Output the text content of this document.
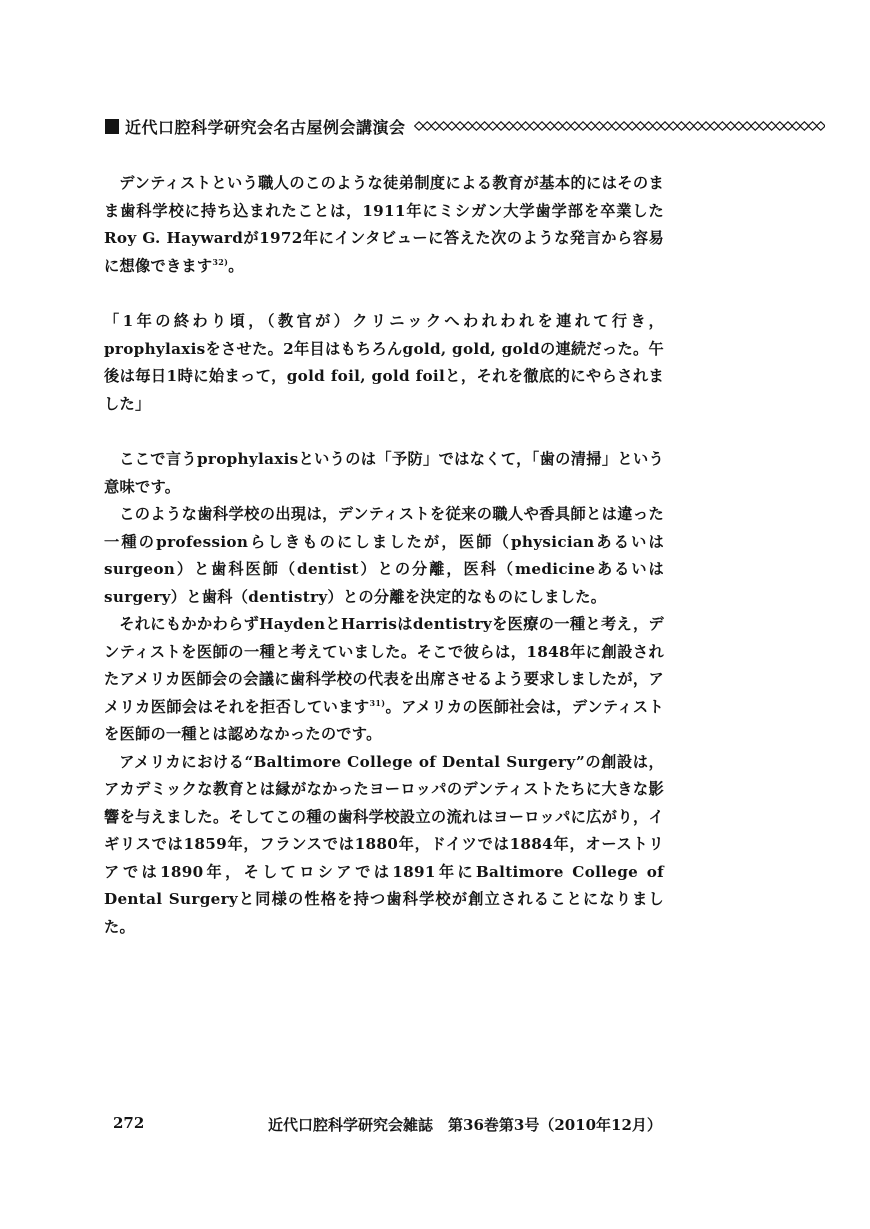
近代口腔科学研究会名古屋例会講演会

デンティストという職人のこのような徒弟制度による教育が基本的にはそのまま歯科学校に持ち込まれたことは，1911年にミシガン大学歯学部を卒業したRoy G. Haywardが1972年にインタビューに答えた次のような発言から容易に想像できます$^{32)}$。

「1年の終わり頃，（教官が）クリニックへわれわれを連れて行き，prophylaxisをさせた。2年目はもちろんgold, gold, goldの連続だった。午後は毎日1時に始まって，gold foil, gold foilと，それを徹底的にやらされました」

ここで言うprophylaxisというのは「予防」ではなくて，「歯の清掃」という意味です。

このような歯科学校の出現は，デンティストを従来の職人や香具師とは違った一種のprofessionらしきものにしましたが，医師（physicianあるいはsurgeon）と歯科医師（dentist）との分離，医科（medicineあるいはsurgery）と歯科（dentistry）との分離を決定的なものにしました。

それにもかかわらずHaydenとHarrisはdentistryを医療の一種と考え，デンティストを医師の一種と考えていました。そこで彼らは，1848年に創設されたアメリカ医師会の会議に歯科学校の代表を出席させるよう要求しましたが，アメリカ医師会はそれを拒否しています$^{31)}$。アメリカの医師社会は，デンティストを医師の一種とは認めなかったのです。

アメリカにおける“Baltimore College of Dental Surgery”の創設は，アカデミックな教育とは縁がなかったヨーロッパのデンティストたちに大きな影響を与えました。そしてこの種の歯科学校設立の流れはヨーロッパに広がり，イギリスでは1859年，フランスでは1880年，ドイツでは1884年，オーストリアでは1890年，そしてロシアでは1891年にBaltimore College of Dental Surgeryと同様の性格を持つ歯科学校が創立されることになりました。

272	近代口腔科学研究会雑誌　第36巻第3号（2010年12月）
